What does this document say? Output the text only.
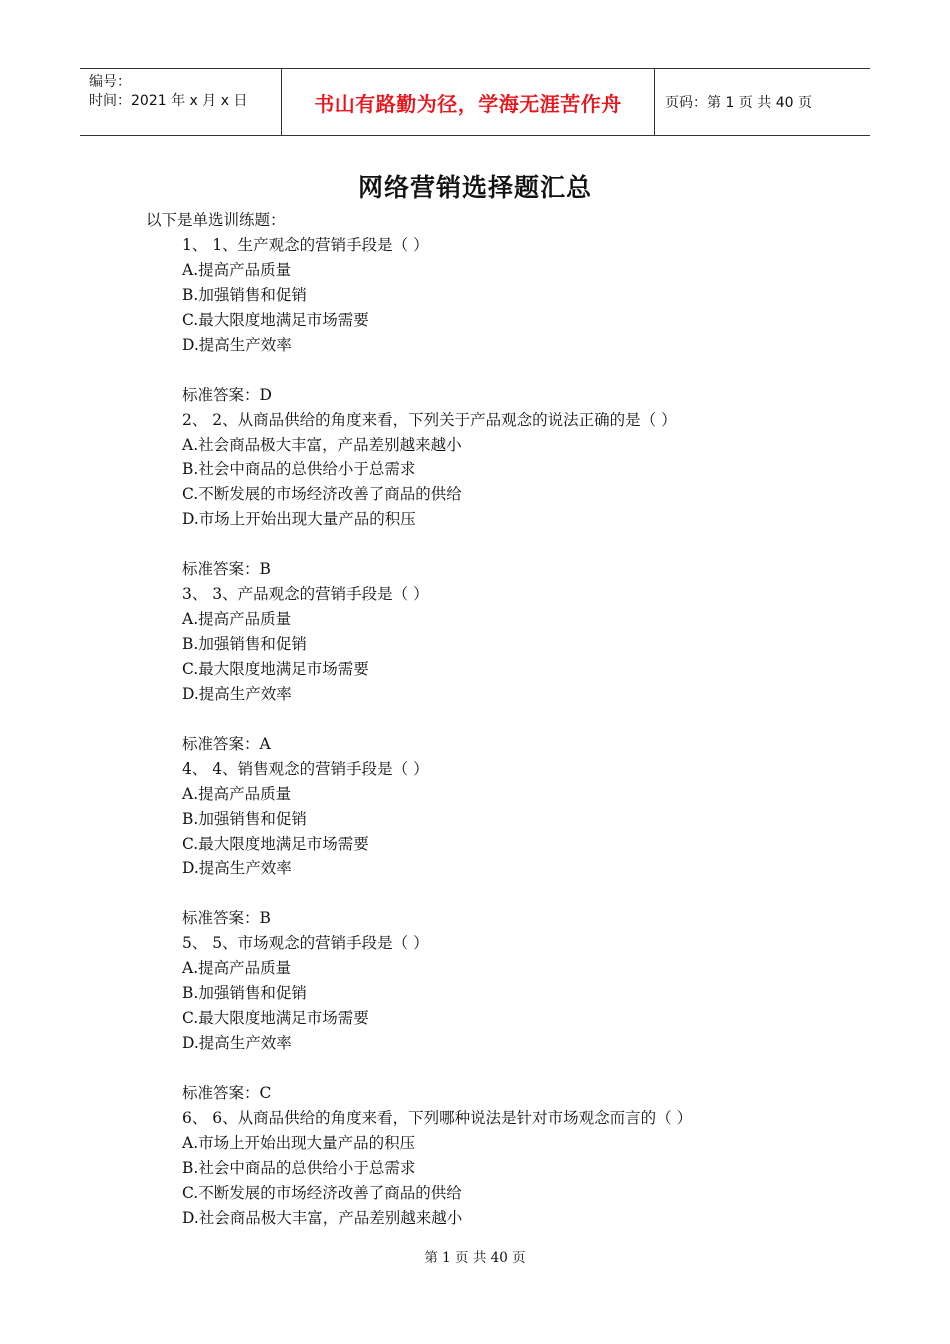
编号：
时间：2021 年 x 月 x 日	书山有路勤为径，学海无涯苦作舟	页码：第 1 页 共 40 页
网络营销选择题汇总
以下是单选训练题：
1、 1、生产观念的营销手段是（ ）
A.提高产品质量
B.加强销售和促销
C.最大限度地满足市场需要
D.提高生产效率
标准答案：D
2、 2、从商品供给的角度来看，下列关于产品观念的说法正确的是（ ）
A.社会商品极大丰富，产品差别越来越小
B.社会中商品的总供给小于总需求
C.不断发展的市场经济改善了商品的供给
D.市场上开始出现大量产品的积压
标准答案：B
3、 3、产品观念的营销手段是（ ）
A.提高产品质量
B.加强销售和促销
C.最大限度地满足市场需要
D.提高生产效率
标准答案：A
4、 4、销售观念的营销手段是（ ）
A.提高产品质量
B.加强销售和促销
C.最大限度地满足市场需要
D.提高生产效率
标准答案：B
5、 5、市场观念的营销手段是（ ）
A.提高产品质量
B.加强销售和促销
C.最大限度地满足市场需要
D.提高生产效率
标准答案：C
6、 6、从商品供给的角度来看，下列哪种说法是针对市场观念而言的（ ）
A.市场上开始出现大量产品的积压
B.社会中商品的总供给小于总需求
C.不断发展的市场经济改善了商品的供给
D.社会商品极大丰富，产品差别越来越小
第 1 页 共 40 页
